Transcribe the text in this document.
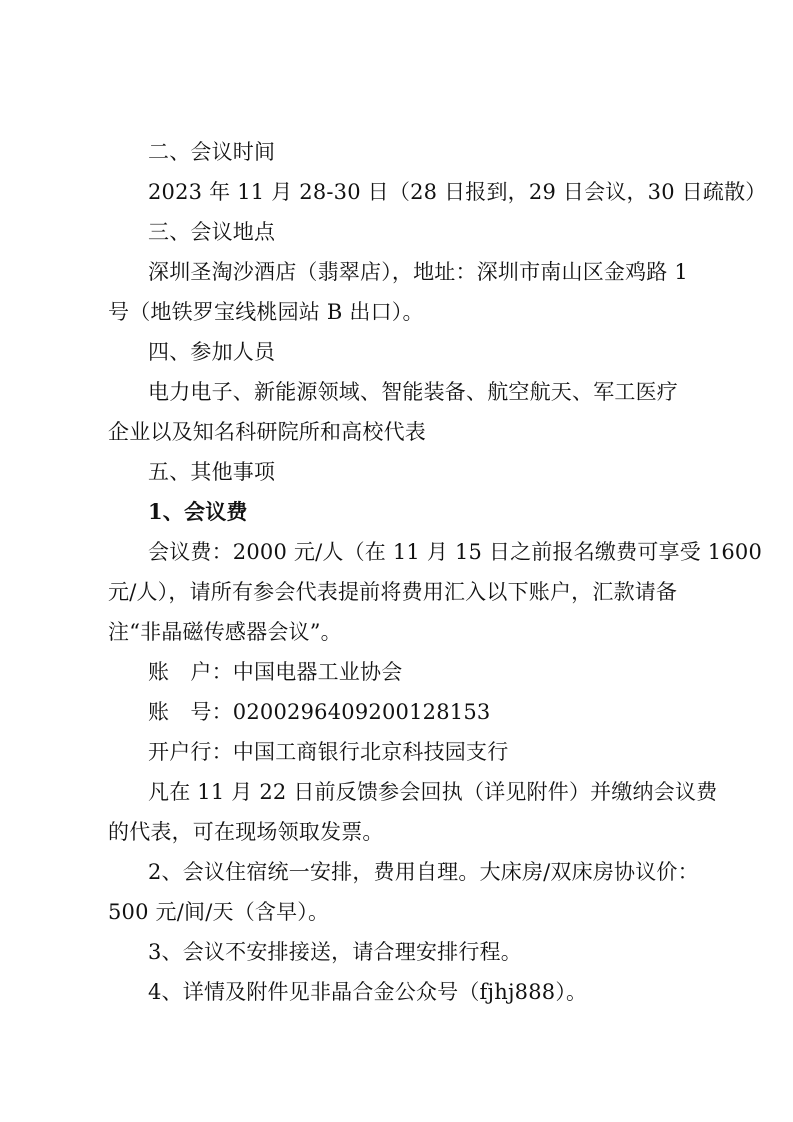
二、会议时间

2023 年 11 月 28-30 日（28 日报到，29 日会议，30 日疏散）

三、会议地点

深圳圣淘沙酒店（翡翠店），地址：深圳市南山区金鸡路 1

号（地铁罗宝线桃园站 B 出口）。

四、参加人员

电力电子、新能源领域、智能装备、航空航天、军工医疗

企业以及知名科研院所和高校代表

五、其他事项

1、会议费

会议费：2000 元/人（在 11 月 15 日之前报名缴费可享受 1600

元/人），请所有参会代表提前将费用汇入以下账户，汇款请备

注“非晶磁传感器会议”。

账　户：中国电器工业协会

账　号：0200296409200128153

开户行：中国工商银行北京科技园支行

凡在 11 月 22 日前反馈参会回执（详见附件）并缴纳会议费

的代表，可在现场领取发票。

2、会议住宿统一安排，费用自理。大床房/双床房协议价：

500 元/间/天（含早）。

3、会议不安排接送，请合理安排行程。

4、详情及附件见非晶合金公众号（fjhj888）。
